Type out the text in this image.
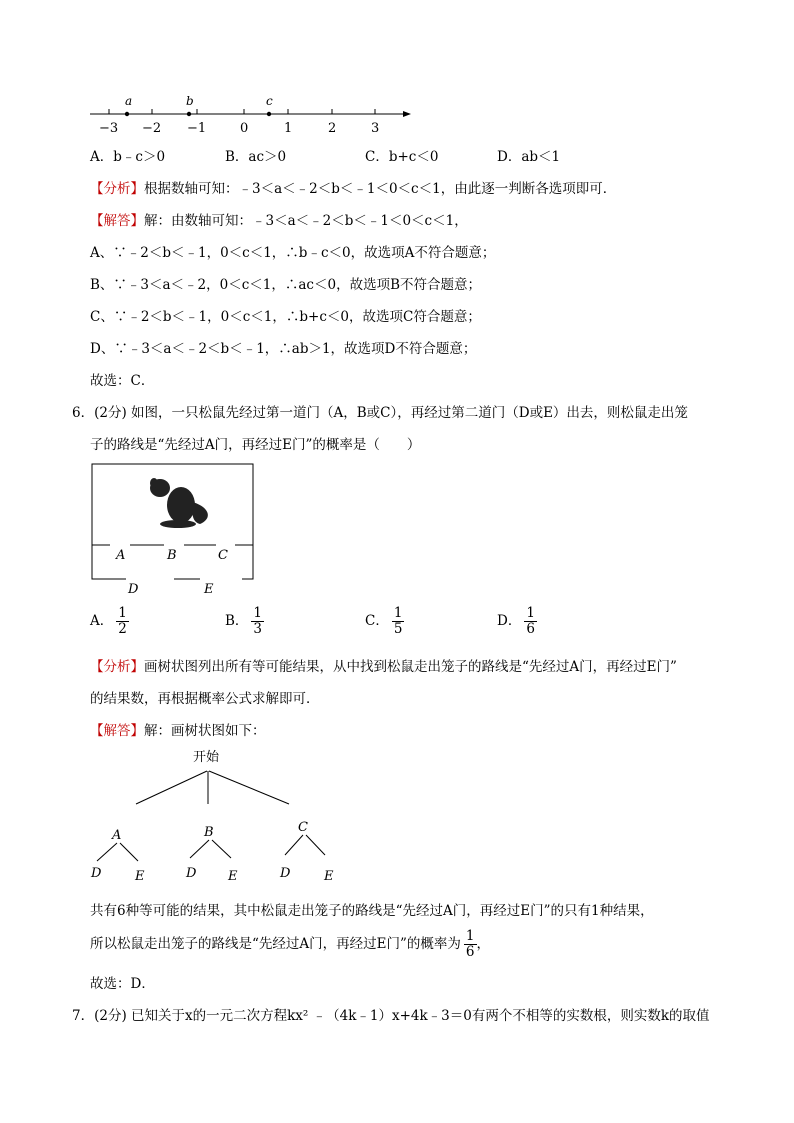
a	b	c
−3 −2 −1	0	1	2	3
A．b﹣c＞0	B．ac＞0	C．b+c＜0	D．ab＜1
【分析】根据数轴可知：﹣3＜a＜﹣2＜b＜﹣1＜0＜c＜1，由此逐一判断各选项即可．
【解答】解：由数轴可知：﹣3＜a＜﹣2＜b＜﹣1＜0＜c＜1，
A、∵﹣2＜b＜﹣1，0＜c＜1，∴b﹣c＜0，故选项A不符合题意；
B、∵﹣3＜a＜﹣2，0＜c＜1，∴ac＜0，故选项B不符合题意；
C、∵﹣2＜b＜﹣1，0＜c＜1，∴b+c＜0，故选项C符合题意；
D、∵﹣3＜a＜﹣2＜b＜﹣1，∴ab＞1，故选项D不符合题意；
故选：C．
6．(2分) 如图，一只松鼠先经过第一道门（A，B或C），再经过第二道门（D或E）出去，则松鼠走出笼
子的路线是“先经过A门，再经过E门”的概率是（　　）
A	B	C
D	E
A． $\frac{1}{2}$	B． $\frac{1}{3}$	C． $\frac{1}{5}$	D． $\frac{1}{6}$
【分析】画树状图列出所有等可能结果，从中找到松鼠走出笼子的路线是“先经过A门，再经过E门”
的结果数，再根据概率公式求解即可．
【解答】解：画树状图如下：
开始
A	B	C
D	E	D E	D	E
共有6种等可能的结果，其中松鼠走出笼子的路线是“先经过A门，再经过E门”的只有1种结果，
所以松鼠走出笼子的路线是“先经过A门，再经过E门”的概率为 $\frac{1}{6}$ ，
故选：D．
7．(2分) 已知关于x的一元二次方程kx² ﹣（4k﹣1）x+4k﹣3＝0有两个不相等的实数根，则实数k的取值
